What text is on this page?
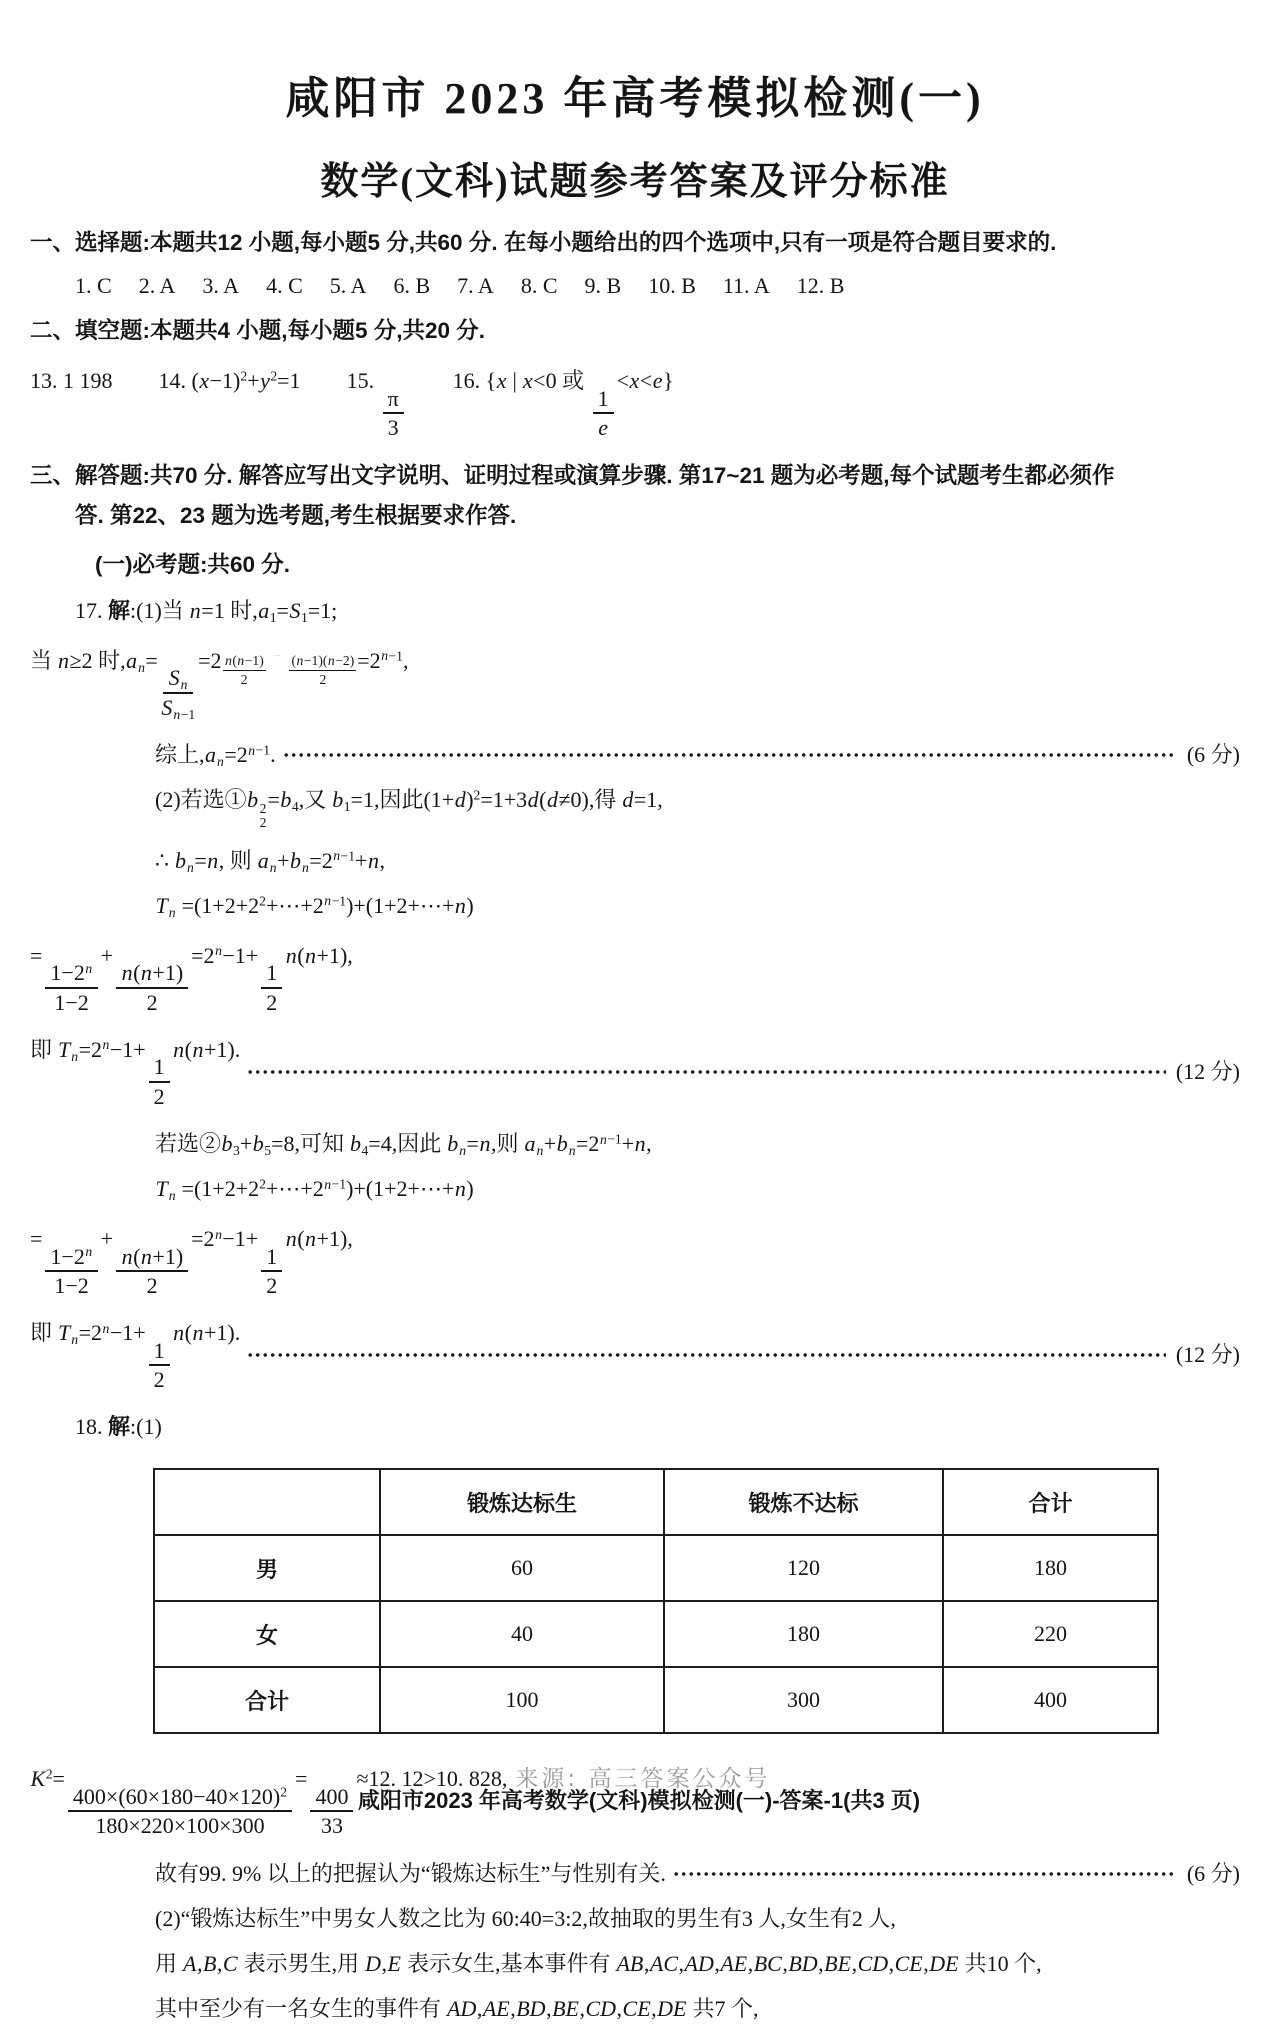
咸阳市 2023 年高考模拟检测(一)
数学(文科)试题参考答案及评分标准
一、选择题:本题共12 小题,每小题5 分,共60 分. 在每小题给出的四个选项中,只有一项是符合题目要求的.
1. C 2. A 3. A 4. C 5. A 6. B 7. A 8. C 9. B 10. B 11. A 12. B
二、填空题:本题共4 小题,每小题5 分,共20 分.
13. 1 198 14. $(x-1)^2+y^2=1$ 15.
$\frac{\pi}{3}$
16. {x | x<0 或
$\frac{1}{e}$
<x<e}
三、解答题:共70 分. 解答应写出文字说明、证明过程或演算步骤. 第17~21 题为必考题,每个试题考生都必须作
答. 第22、23 题为选考题,考生根据要求作答.
(一)必考题:共60 分.
17. 解:(1)当 n=1 时$,a_1=S_1=1$;
当 n≥2 时$,a_n=$
$\frac{S_n}{S_{n-1}}$
=2 $^{\frac{n(n-1)}{2} - \frac{(n-1)(n-2)}{2}} =2^{n-1}$,
综上$,a_n=2^{n-1}$.	(6 分)
(2)若选①b 2
2
$=b_4$,又 $b_1=1$,因此$(1+d)^2=1+3d(d\ne 0)$,得 d=1,
∴ $b_n=n$, 则 $a_n+b_n=2^{n-1}+n$,
$T_n$ $=(1+2+2^2+\cdots+2^{n-1})+(1+2+\cdots+n)$
=
$\frac{1-2^n}{1-2}$
+
$\frac{n(n+1)}{2}$
$=2^n-1+$
$\frac{1}{2}$
n(n+1),
即 $T_n=2^n-1+$
$\frac{1}{2}$
n(n+1).
(12 分)
若选$②b_3+b_5=8$,可知 $b_4=4$,因此 $b_n=n$,则 $a_n+b_n=2^{n-1}+n$,
$T_n$ $=(1+2+2^2+\cdots+2^{n-1})+(1+2+\cdots+n)$
=
$\frac{1-2^n}{1-2}$
+
$\frac{n(n+1)}{2}$
$=2^n-1+$
$\frac{1}{2}$
n(n+1),
即 $T_n=2^n-1+$
$\frac{1}{2}$
n(n+1).
(12 分)
18. 解:(1)
	锻炼达标生	锻炼不达标	合计
男	60	120	180
女	40	180	220
合计	100	300	400
$K^2=$
$\frac{400\times(60\times 180-40\times 120)^2}{180\times 220\times 100\times 300}$
=
$\frac{400}{33}$
≈12. 12>10. 828, 来源: 高三答案公众号
故有99. 9% 以上的把握认为“锻炼达标生”与性别有关.	(6 分)
(2)“锻炼达标生”中男女人数之比为 60:40=3:2,故抽取的男生有3 人,女生有2 人,
用 A,B,C 表示男生,用 D,E 表示女生,基本事件有 AB,AC,AD,AE,BC,BD,BE,CD,CE,DE 共10 个,
其中至少有一名女生的事件有 AD,AE,BD,BE,CD,CE,DE 共7 个,
咸阳市2023 年高考数学(文科)模拟检测(一)-答案-1(共3 页)
